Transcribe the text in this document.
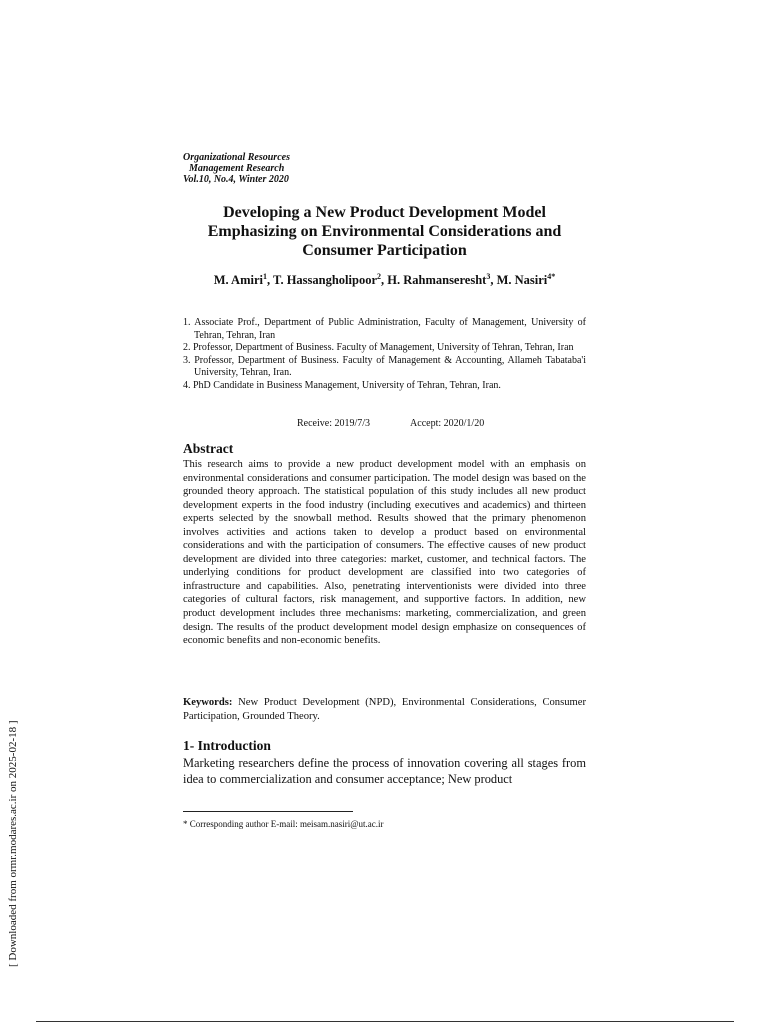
Organizational Resources
Management Research
Vol.10, No.4, Winter 2020
Developing a New Product Development Model Emphasizing on Environmental Considerations and Consumer Participation
M. Amiri$^1$, T. Hassangholipoor$^2$, H. Rahmanseresht$^3$, M. Nasiri$^{4*}$
1. Associate Prof., Department of Public Administration, Faculty of Management, University of Tehran, Tehran, Iran
2. Professor, Department of Business. Faculty of Management, University of Tehran, Tehran, Iran
3. Professor, Department of Business. Faculty of Management & Accounting, Allameh Tabataba'i University, Tehran, Iran.
4. PhD Candidate in Business Management, University of Tehran, Tehran, Iran.
Receive: 2019/7/3	Accept: 2020/1/20
Abstract

This research aims to provide a new product development model with an emphasis on environmental considerations and consumer participation. The model design was based on the grounded theory approach. The statistical population of this study includes all new product development experts in the food industry (including executives and academics) and thirteen experts selected by the snowball method. Results showed that the primary phenomenon involves activities and actions taken to develop a product based on environmental considerations and with the participation of consumers. The effective causes of new product development are divided into three categories: market, customer, and technical factors. The underlying conditions for product development are classified into two categories of infrastructure and capabilities. Also, penetrating interventionists were divided into three categories of cultural factors, risk management, and supportive factors. In addition, new product development includes three mechanisms: marketing, commercialization, and green design. The results of the product development model design emphasize on consequences of economic benefits and non-economic benefits.

Keywords: New Product Development (NPD), Environmental Considerations, Consumer Participation, Grounded Theory.
1- Introduction

Marketing researchers define the process of innovation covering all stages from idea to commercialization and consumer acceptance; New product

* Corresponding author E-mail: meisam.nasiri@ut.ac.ir
[ Downloaded from ormr.modares.ac.ir on 2025-02-18 ]
